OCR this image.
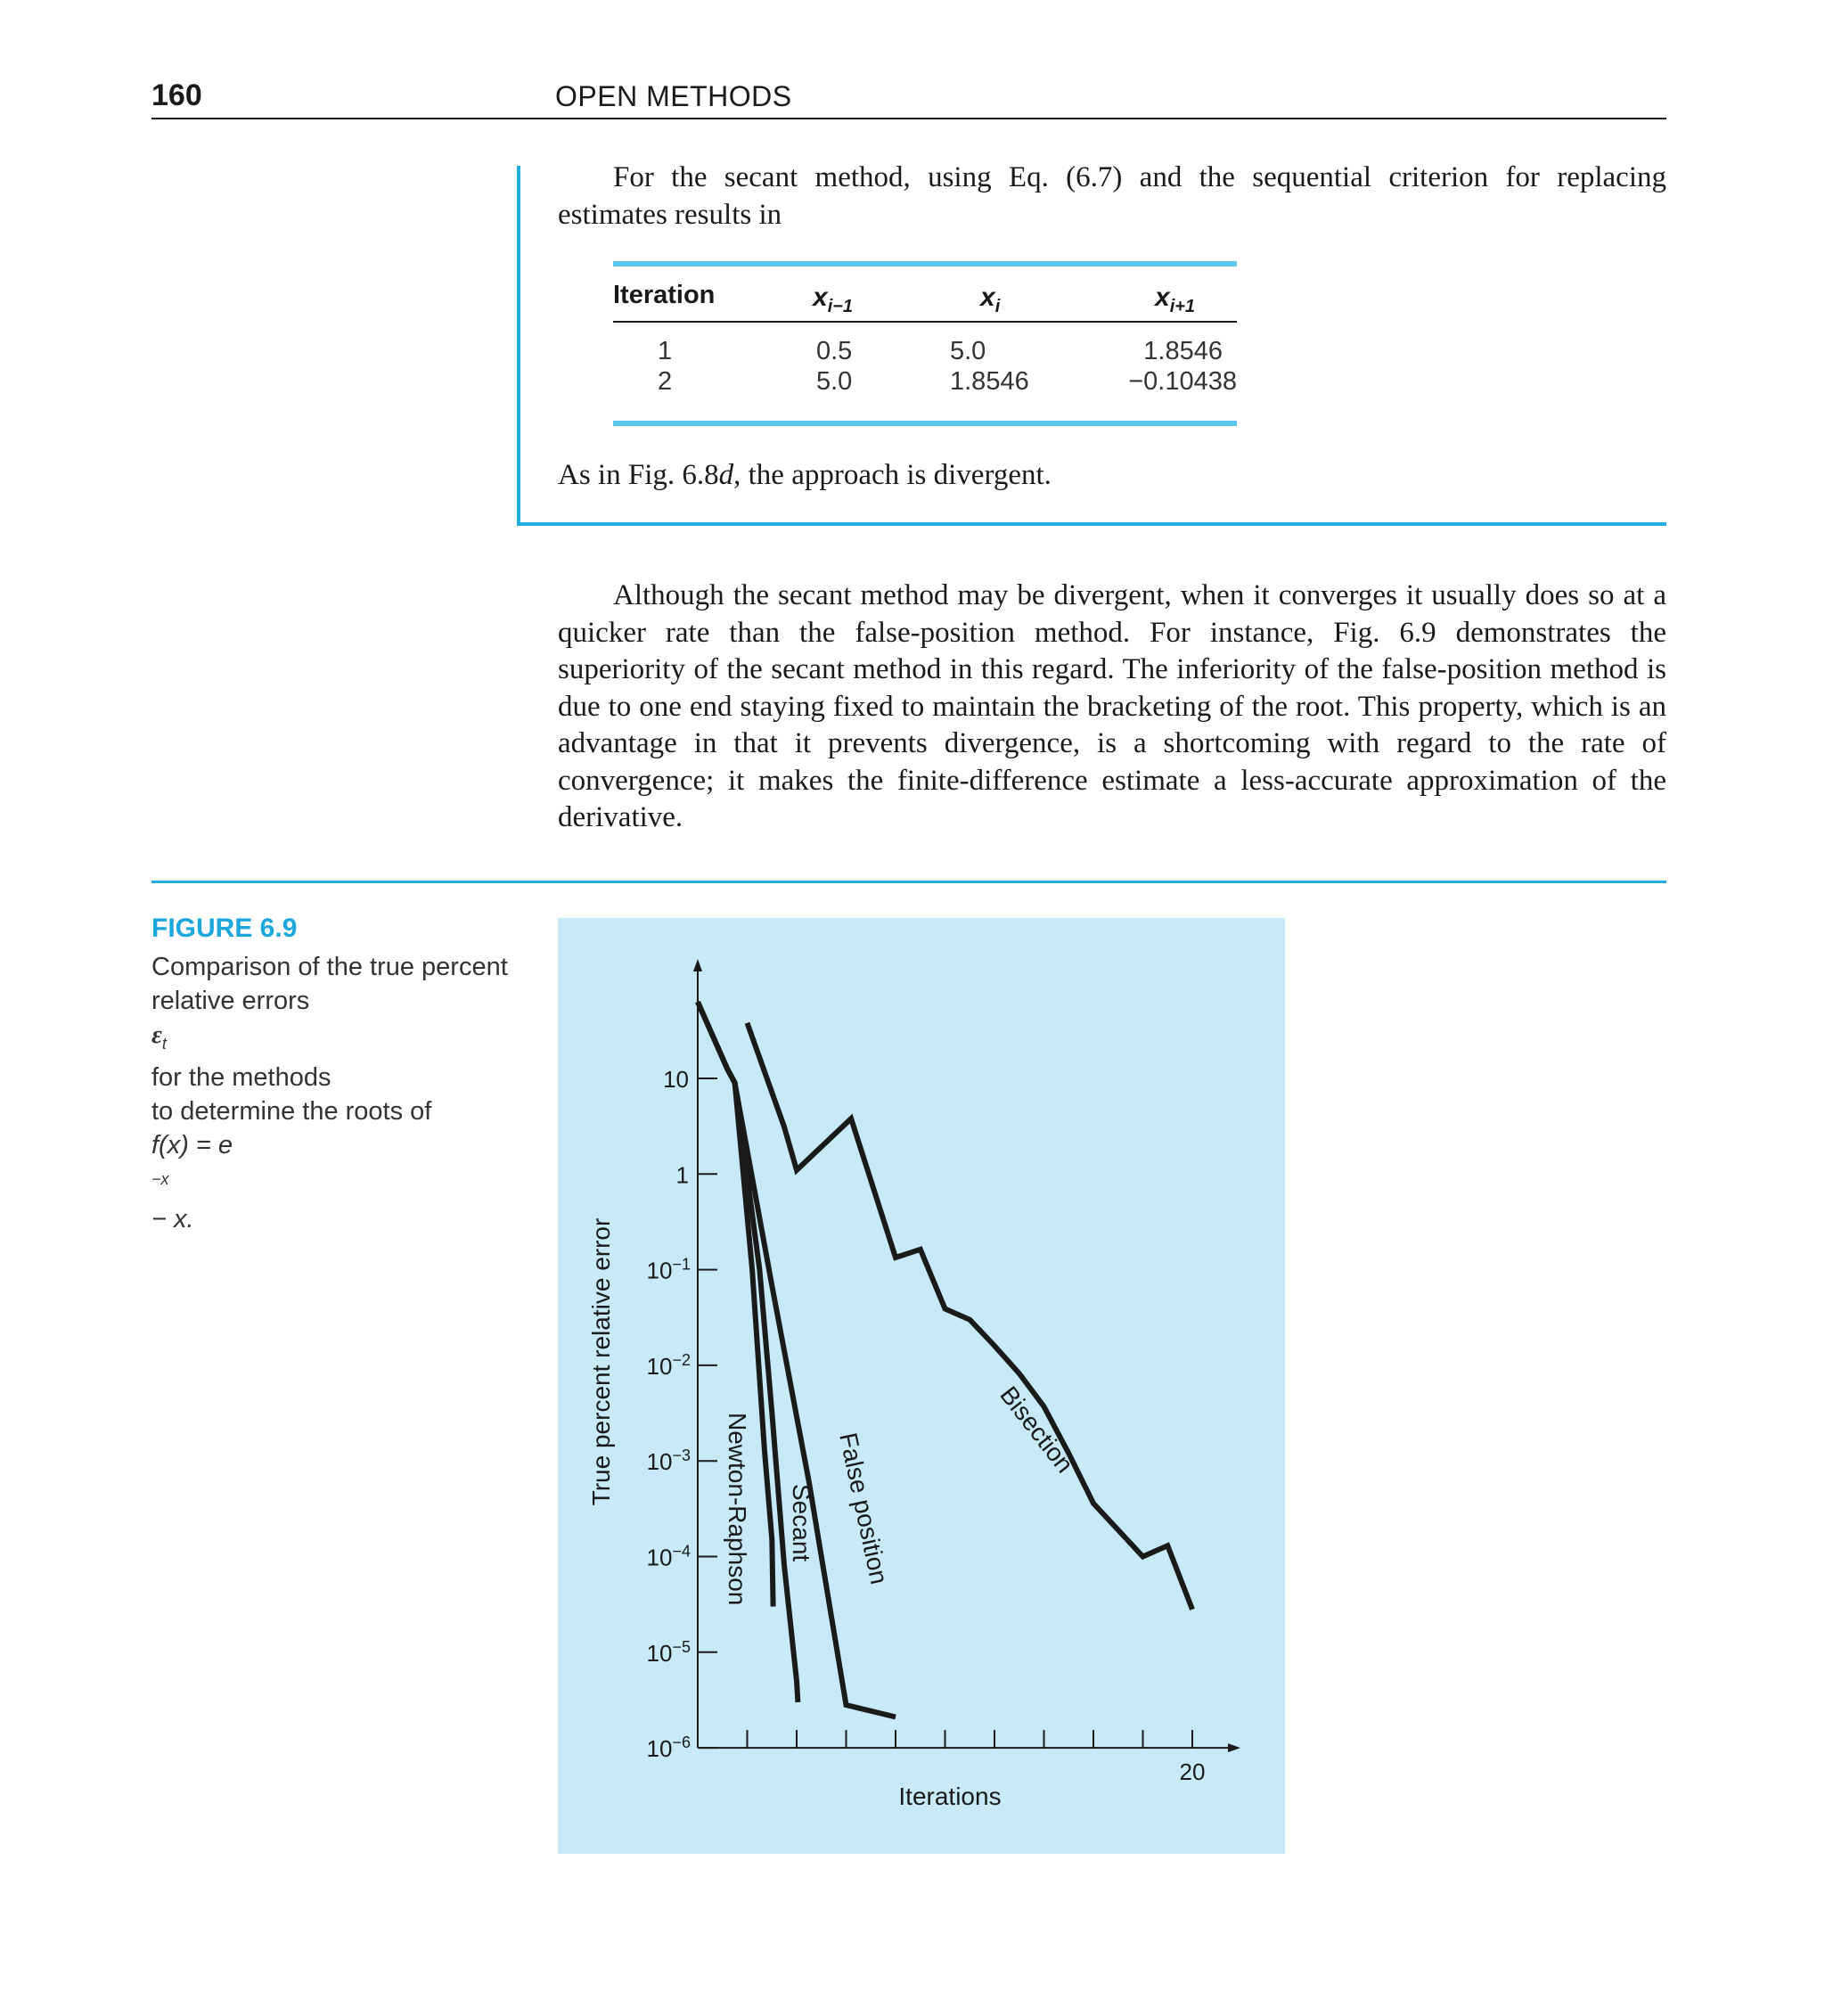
160	OPEN METHODS
For the secant method, using Eq. (6.7) and the sequential criterion for replacing
estimates results in
Iteration	$x_{i-1}$	$x_i$	$x_{i+1}$
1	0.5	5.0	1.8546
2	5.0	1.8546	−0.10438
As in Fig. 6.8d, the approach is divergent.
Although the secant method may be divergent, when it converges it usually does so at a quicker rate than the false-position method. For instance, Fig. 6.9 demonstrates the superiority of the secant method in this regard. The inferiority of the false-position method is due to one end staying fixed to maintain the bracketing of the root. This property, which is an advantage in that it prevents divergence, is a shortcoming with regard to the rate of convergence; it makes the finite-difference estimate a less-accurate approximation of the derivative.
FIGURE 6.9
Comparison of the true percent
relative errors
$\varepsilon_t$
for the methods
to determine the roots of
f(x) = e
$^{-x}$
− x.
10
1
$10^{-1}$
$10^{-2}$
$10^{-3}$
$10^{-4}$
$10^{-5}$
$10^{-6}$
20
Iterations
True percent relative error
Newton-Raphson Secant False position
Bisection
